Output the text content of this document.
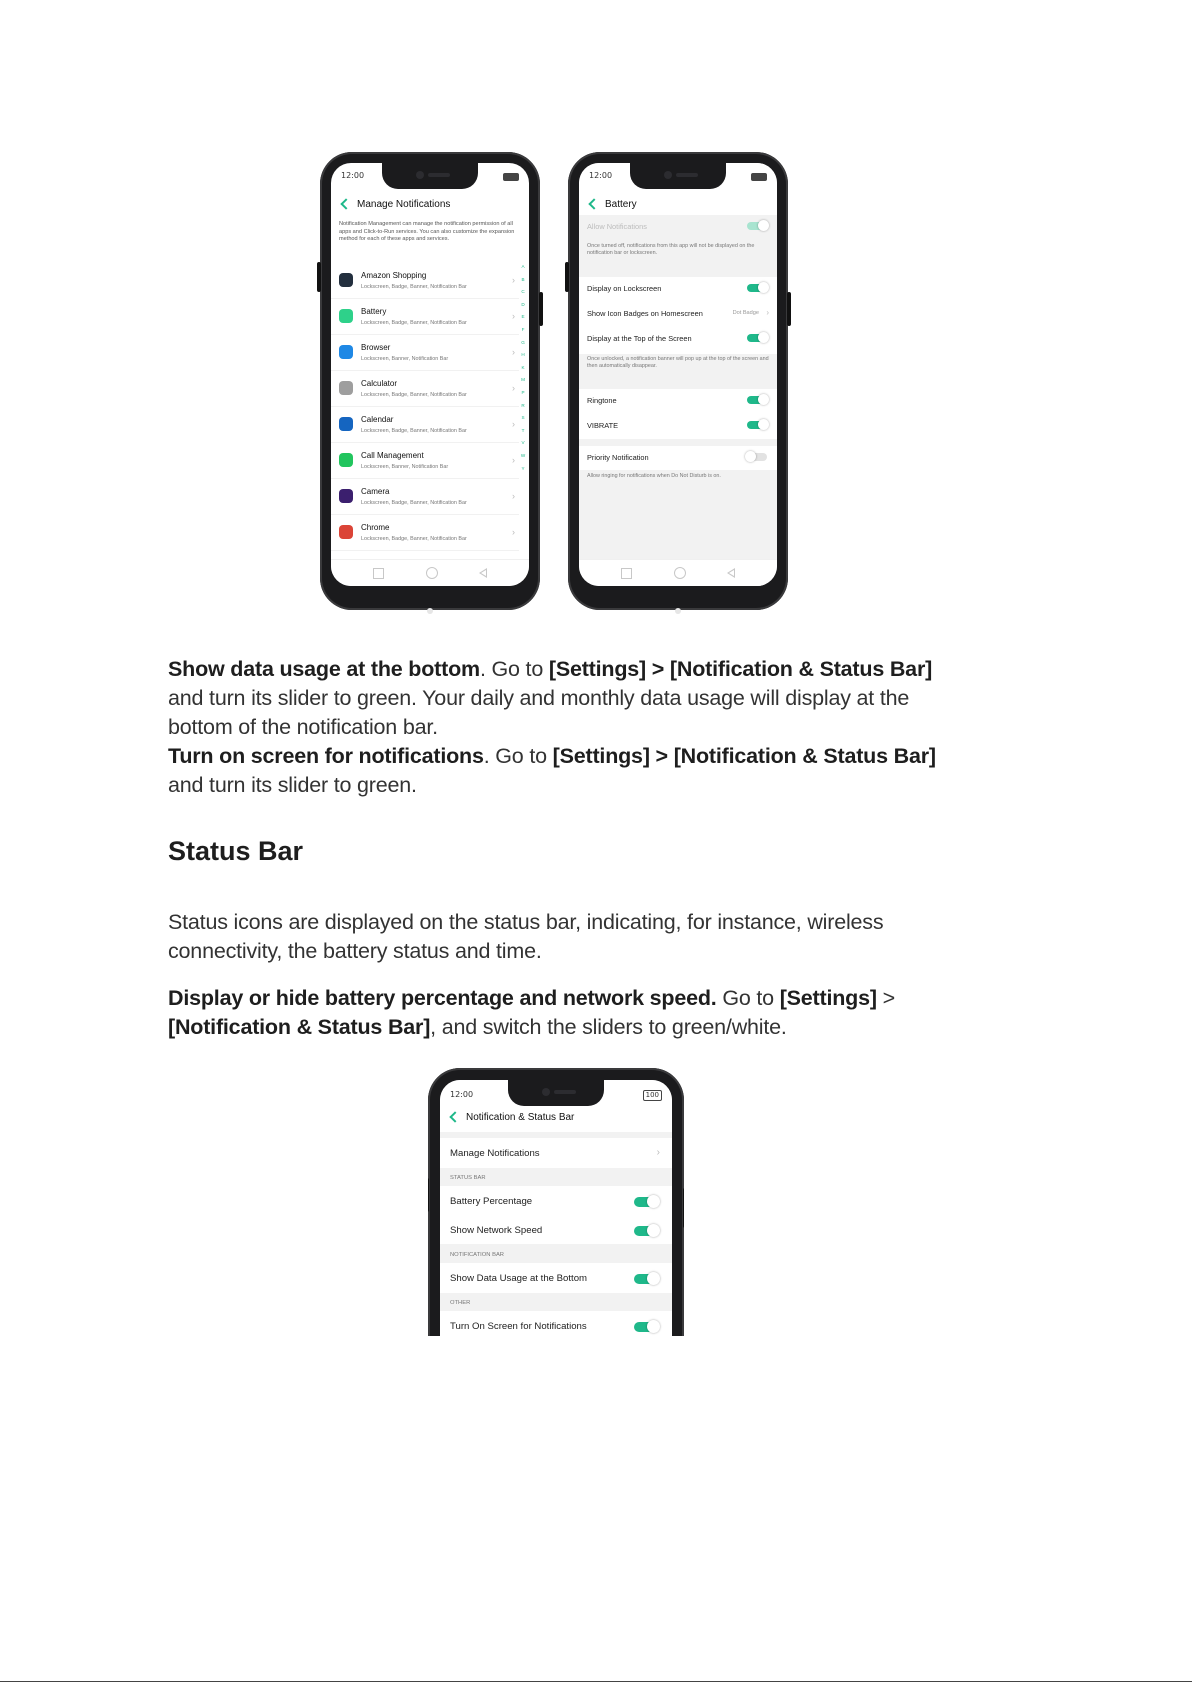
12:00
Manage Notifications
Notification Management can manage the notification permission of all apps and Click-to-Run services. You can also customize the expansion method for each of these apps and services.
Amazon Shopping
Lockscreen, Badge, Banner, Notification Bar
›
Battery
Lockscreen, Badge, Banner, Notification Bar
›
Browser
Lockscreen, Banner, Notification Bar
›
Calculator
Lockscreen, Badge, Banner, Notification Bar
›
Calendar
Lockscreen, Badge, Banner, Notification Bar
›
Call Management
Lockscreen, Banner, Notification Bar
›
Camera
Lockscreen, Badge, Banner, Notification Bar
›
Chrome
Lockscreen, Badge, Banner, Notification Bar
›
A
B
C
D
E
F
G
H
K
M
P
R
S
T
V
W
Y
12:00
Battery
Allow Notifications
Once turned off, notifications from this app will not be displayed on the notification bar or lockscreen.
Display on Lockscreen
Show Icon Badges on Homescreen	Dot Badge ›
Display at the Top of the Screen
Once unlocked, a notification banner will pop up at the top of the screen and then automatically disappear.
Ringtone
VIBRATE
Priority Notification
Allow ringing for notifications when Do Not Disturb is on.
Show data usage at the bottom. Go to [Settings] > [Notification & Status Bar] and turn its slider to green. Your daily and monthly data usage will display at the bottom of the notification bar.
Turn on screen for notifications. Go to [Settings] > [Notification & Status Bar] and turn its slider to green.
Status Bar
Status icons are displayed on the status bar, indicating, for instance, wireless connectivity, the battery status and time.
Display or hide battery percentage and network speed. Go to [Settings] > [Notification & Status Bar], and switch the sliders to green/white.
12:00	100
Notification & Status Bar
Manage Notifications	›
STATUS BAR
Battery Percentage
Show Network Speed
NOTIFICATION BAR
Show Data Usage at the Bottom
OTHER
Turn On Screen for Notifications
